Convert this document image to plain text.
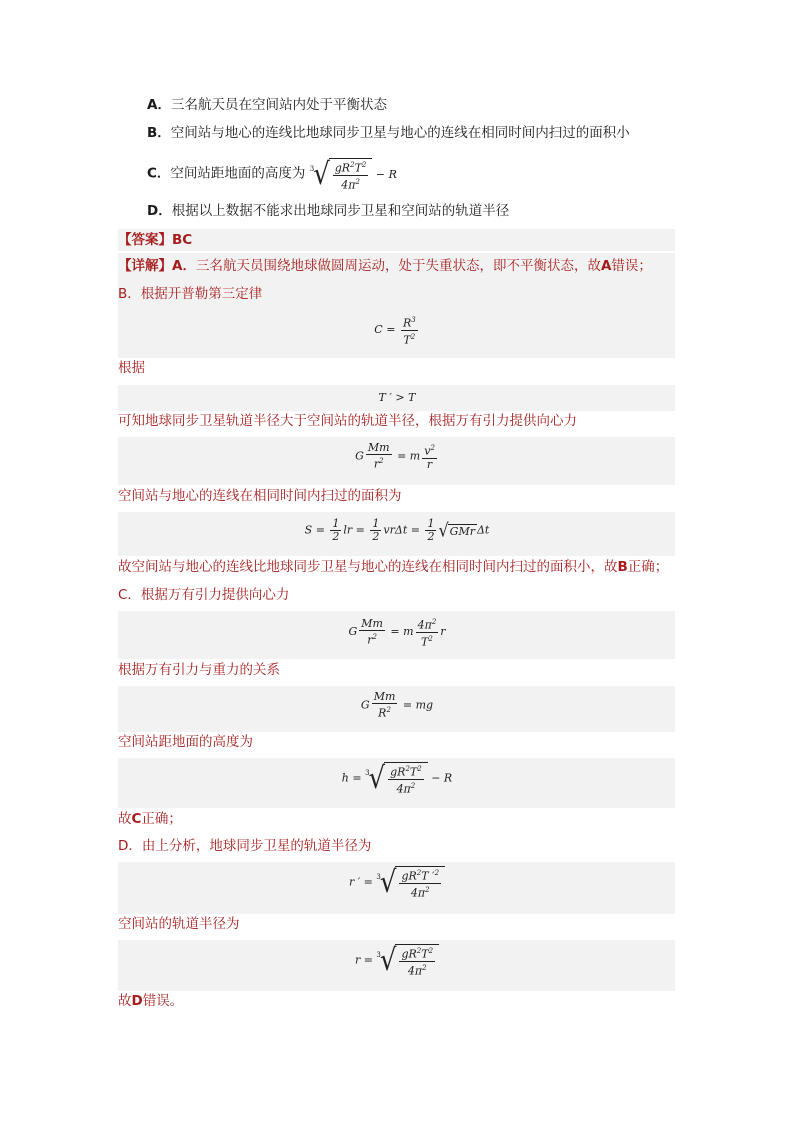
A．三名航天员在空间站内处于平衡状态
B．空间站与地心的连线比地球同步卫星与地心的连线在相同时间内扫过的面积小
C．空间站距地面的高度为 3 √ $\frac{gR^2T^2}{4\pi^2} - R$
D．根据以上数据不能求出地球同步卫星和空间站的轨道半径
【答案】BC
【详解】A．三名航天员围绕地球做圆周运动，处于失重状态，即不平衡状态，故A错误；
B．根据开普勒第三定律
$C = \frac{R^3}{T^2}$
根据
T ′ > T
可知地球同步卫星轨道半径大于空间站的轨道半径，根据万有引力提供向心力
G $\frac{Mm}{r^2} = m \frac{v^2}{r}$
空间站与地心的连线在相同时间内扫过的面积为
$S = \frac{1}{2}$ lr = $\frac{1}{2}$ $vr\Delta t = \frac{1}{2}$ √ GMr Δt
故空间站与地心的连线比地球同步卫星与地心的连线在相同时间内扫过的面积小，故B正确；
C．根据万有引力提供向心力
G $\frac{Mm}{r^2} = m \frac{4\pi^2}{T^2}$ r
根据万有引力与重力的关系
G $\frac{Mm}{R^2}$ = mg
空间站距地面的高度为
h = 3 √ $\frac{gR^2T^2}{4\pi^2} - R$
故C正确；
D．由上分析，地球同步卫星的轨道半径为
r ′ = 3 √ $\frac{gR^2T '^2}{4\pi^2}$
空间站的轨道半径为
r = 3 √ $\frac{gR^2T^2}{4\pi^2}$
故D错误。
